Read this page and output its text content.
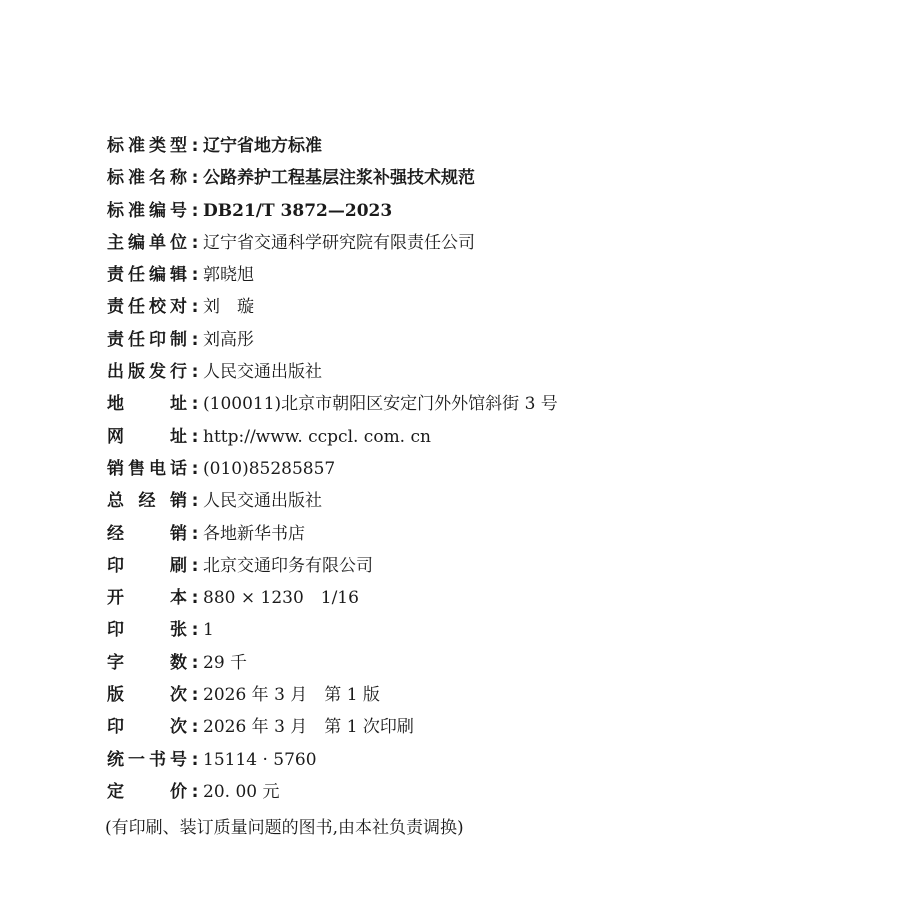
标 准 类 型 : 辽宁省地方标准
标 准 名 称 : 公路养护工程基层注浆补强技术规范
标 准 编 号 : DB21/T 3872—2023
主 编 单 位 : 辽宁省交通科学研究院有限责任公司
责 任 编 辑 : 郭晓旭
责 任 校 对 : 刘　璇
责 任 印 制 : 刘高彤
出 版 发 行 : 人民交通出版社
地	址 : (100011)北京市朝阳区安定门外外馆斜街 3 号
网	址 : http://www. ccpcl. com. cn
销 售 电 话 : (010)85285857
总 经 销 : 人民交通出版社
经	销 : 各地新华书店
印	刷 : 北京交通印务有限公司
开	本 : 880 × 1230　1/16
印	张 : 1
字	数 : 29 千
版	次 : 2026 年 3 月　第 1 版
印	次 : 2026 年 3 月　第 1 次印刷
统 一 书 号 : 15114 · 5760
定	价 : 20. 00 元
(有印刷、装订质量问题的图书,由本社负责调换)
